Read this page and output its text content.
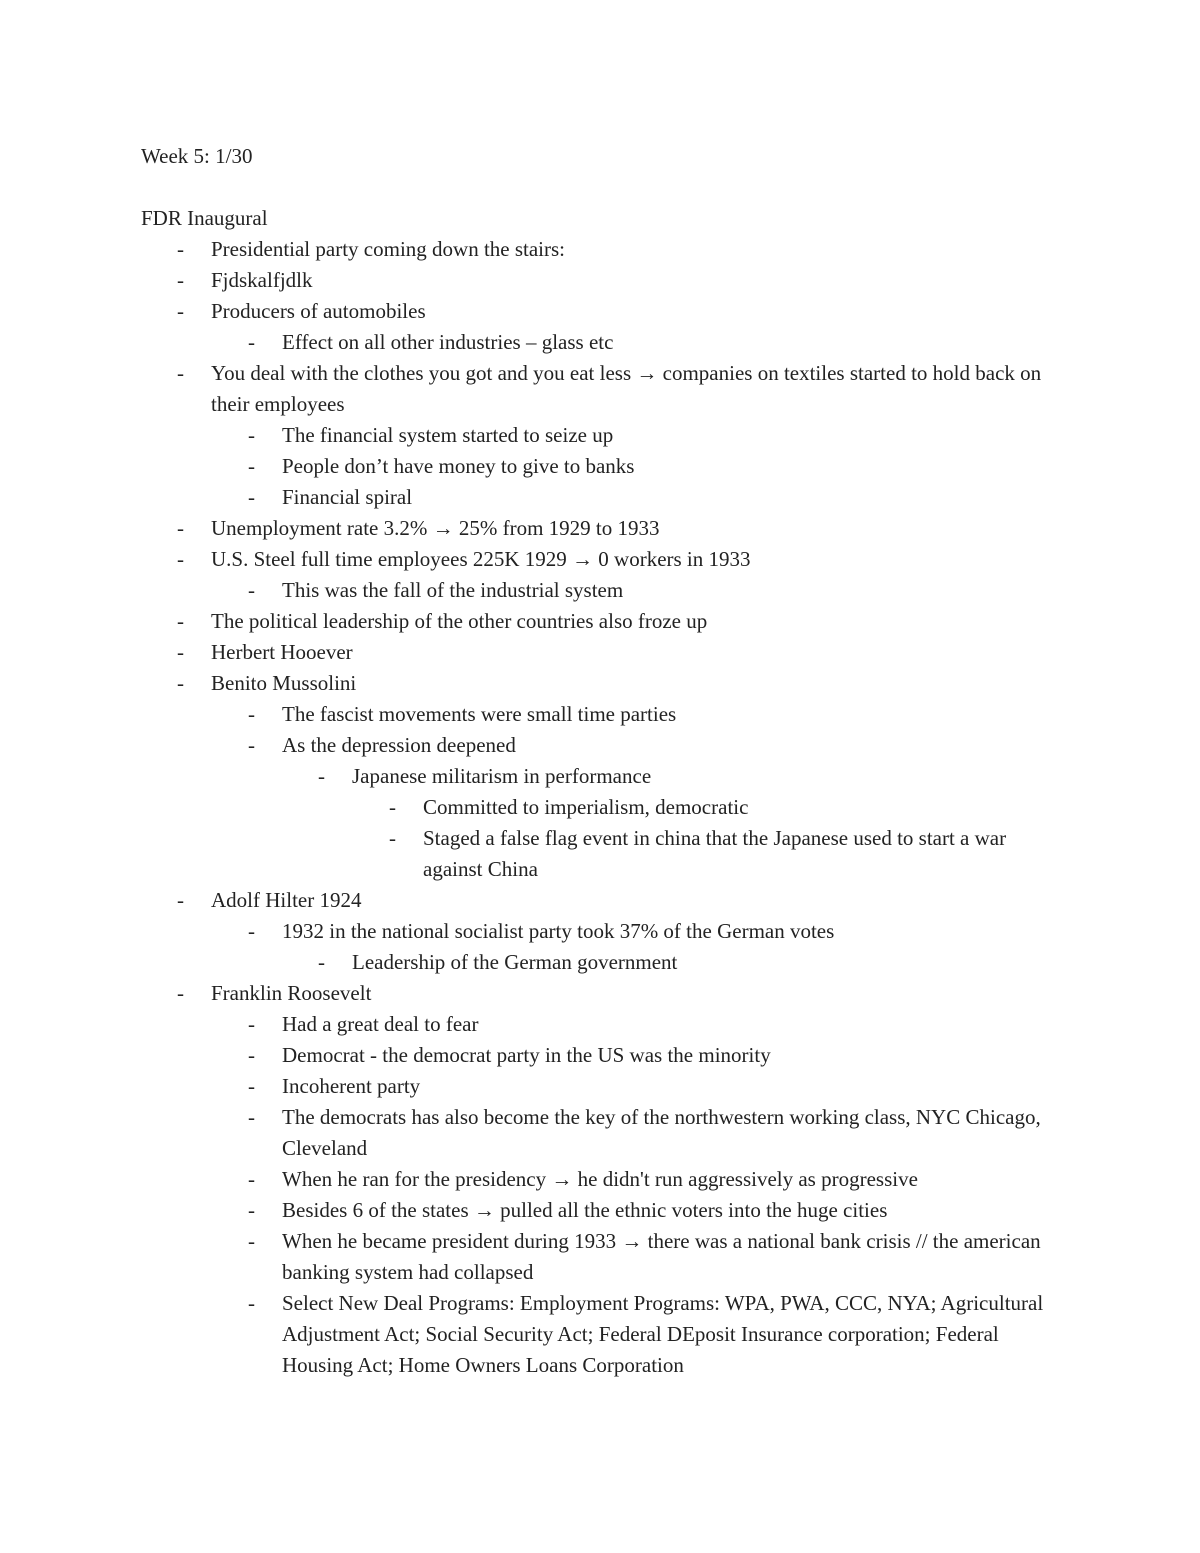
Week 5: 1/30
FDR Inaugural
- Presidential party coming down the stairs:
- Fjdskalfjdlk
- Producers of automobiles
- Effect on all other industries – glass etc
- You deal with the clothes you got and you eat less → companies on textiles started to hold back on their employees
- The financial system started to seize up
- People don’t have money to give to banks
- Financial spiral
- Unemployment rate 3.2% → 25% from 1929 to 1933
- U.S. Steel full time employees 225K 1929 → 0 workers in 1933
- This was the fall of the industrial system
- The political leadership of the other countries also froze up
- Herbert Hooever
- Benito Mussolini
- The fascist movements were small time parties
- As the depression deepened
- Japanese militarism in performance
- Committed to imperialism, democratic
- Staged a false flag event in china that the Japanese used to start a war against China
- Adolf Hilter 1924
- 1932 in the national socialist party took 37% of the German votes
- Leadership of the German government
- Franklin Roosevelt
- Had a great deal to fear
- Democrat - the democrat party in the US was the minority
- Incoherent party
- The democrats has also become the key of the northwestern working class, NYC Chicago, Cleveland
- When he ran for the presidency → he didn't run aggressively as progressive
- Besides 6 of the states → pulled all the ethnic voters into the huge cities
- When he became president during 1933 → there was a national bank crisis // the american banking system had collapsed
- Select New Deal Programs: Employment Programs: WPA, PWA, CCC, NYA; Agricultural Adjustment Act; Social Security Act; Federal DEposit Insurance corporation; Federal Housing Act; Home Owners Loans Corporation
